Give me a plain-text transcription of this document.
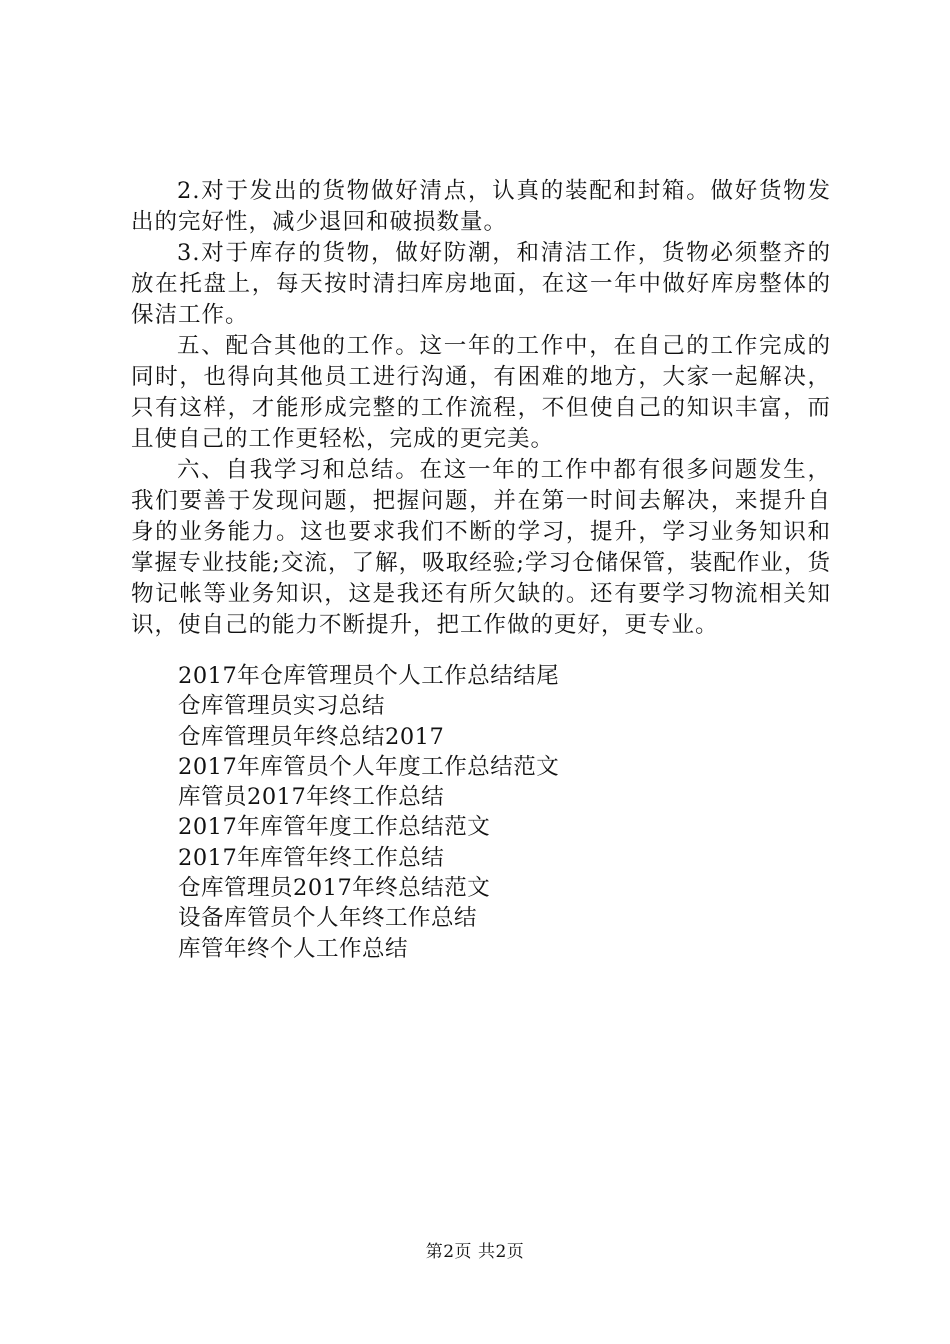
2.对于发出的货物做好清点，认真的装配和封箱。做好货物发出的完好性，减少退回和破损数量。

3.对于库存的货物，做好防潮，和清洁工作，货物必须整齐的放在托盘上，每天按时清扫库房地面，在这一年中做好库房整体的保洁工作。

五、配合其他的工作。这一年的工作中，在自己的工作完成的同时，也得向其他员工进行沟通，有困难的地方，大家一起解决，只有这样，才能形成完整的工作流程，不但使自己的知识丰富，而且使自己的工作更轻松，完成的更完美。

六、自我学习和总结。在这一年的工作中都有很多问题发生，我们要善于发现问题，把握问题，并在第一时间去解决，来提升自身的业务能力。这也要求我们不断的学习，提升，学习业务知识和掌握专业技能;交流，了解，吸取经验;学习仓储保管，装配作业，货物记帐等业务知识，这是我还有所欠缺的。还有要学习物流相关知识，使自己的能力不断提升，把工作做的更好，更专业。

2017年仓库管理员个人工作总结结尾
仓库管理员实习总结
仓库管理员年终总结2017
2017年库管员个人年度工作总结范文
库管员2017年终工作总结
2017年库管年度工作总结范文
2017年库管年终工作总结
仓库管理员2017年终总结范文
设备库管员个人年终工作总结
库管年终个人工作总结
第2页 共2页
